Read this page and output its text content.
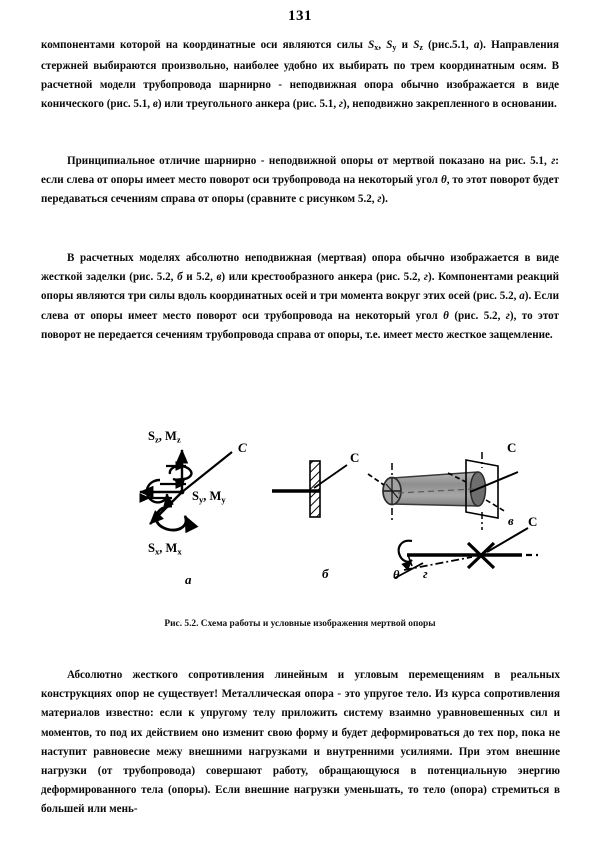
131

компонентами которой на координатные оси являются силы $S_x$, $S_y$ и $S_z$ (рис.5.1, а). Направления стержней выбираются произвольно, наиболее удобно их выбирать по трем координатным осям. В расчетной модели трубопровода шарнирно - неподвижная опора обычно изображается в виде конического (рис. 5.1, в) или треугольного анкера (рис. 5.1, г), неподвижно закрепленного в основании.

Принципиальное отличие шарнирно - неподвижной опоры от мертвой показано на рис. 5.1, г: если слева от опоры имеет место поворот оси трубопровода на некоторый угол θ, то этот поворот будет передаваться сечениям справа от опоры (сравните с рисунком 5.2, г).

В расчетных моделях абсолютно неподвижная (мертвая) опора обычно изображается в виде жесткой заделки (рис. 5.2, б и 5.2, в) или крестообразного анкера (рис. 5.2, г). Компонентами реакций опоры являются три силы вдоль координатных осей и три момента вокруг этих осей (рис. 5.2, а). Если слева от опоры имеет место поворот оси трубопровода на некоторый угол θ (рис. 5.2, г), то этот поворот не передается сечениям трубопровода справа от опоры, т.е. имеет место жесткое защемление.

$S_z$, $M_z$
$S_x$, $M_x$
$S_y$, $M_y$
C
а
C
б
C
в C
θ г
Рис. 5.2. Схема работы и условные изображения мертвой опоры

Абсолютно жесткого сопротивления линейным и угловым перемещениям в реальных конструкциях опор не существует! Металлическая опора - это упругое тело. Из курса сопротивления материалов известно: если к упругому телу приложить систему взаимно уравновешенных сил и моментов, то под их действием оно изменит свою форму и будет деформироваться до тех пор, пока не наступит равновесие межу внешними нагрузками и внутренними усилиями. При этом внешние нагрузки (от трубопровода) совершают работу, обращающуюся в потенциальную энергию деформированного тела (опоры). Если внешние нагрузки уменьшать, то тело (опора) стремиться в большей или мень-
